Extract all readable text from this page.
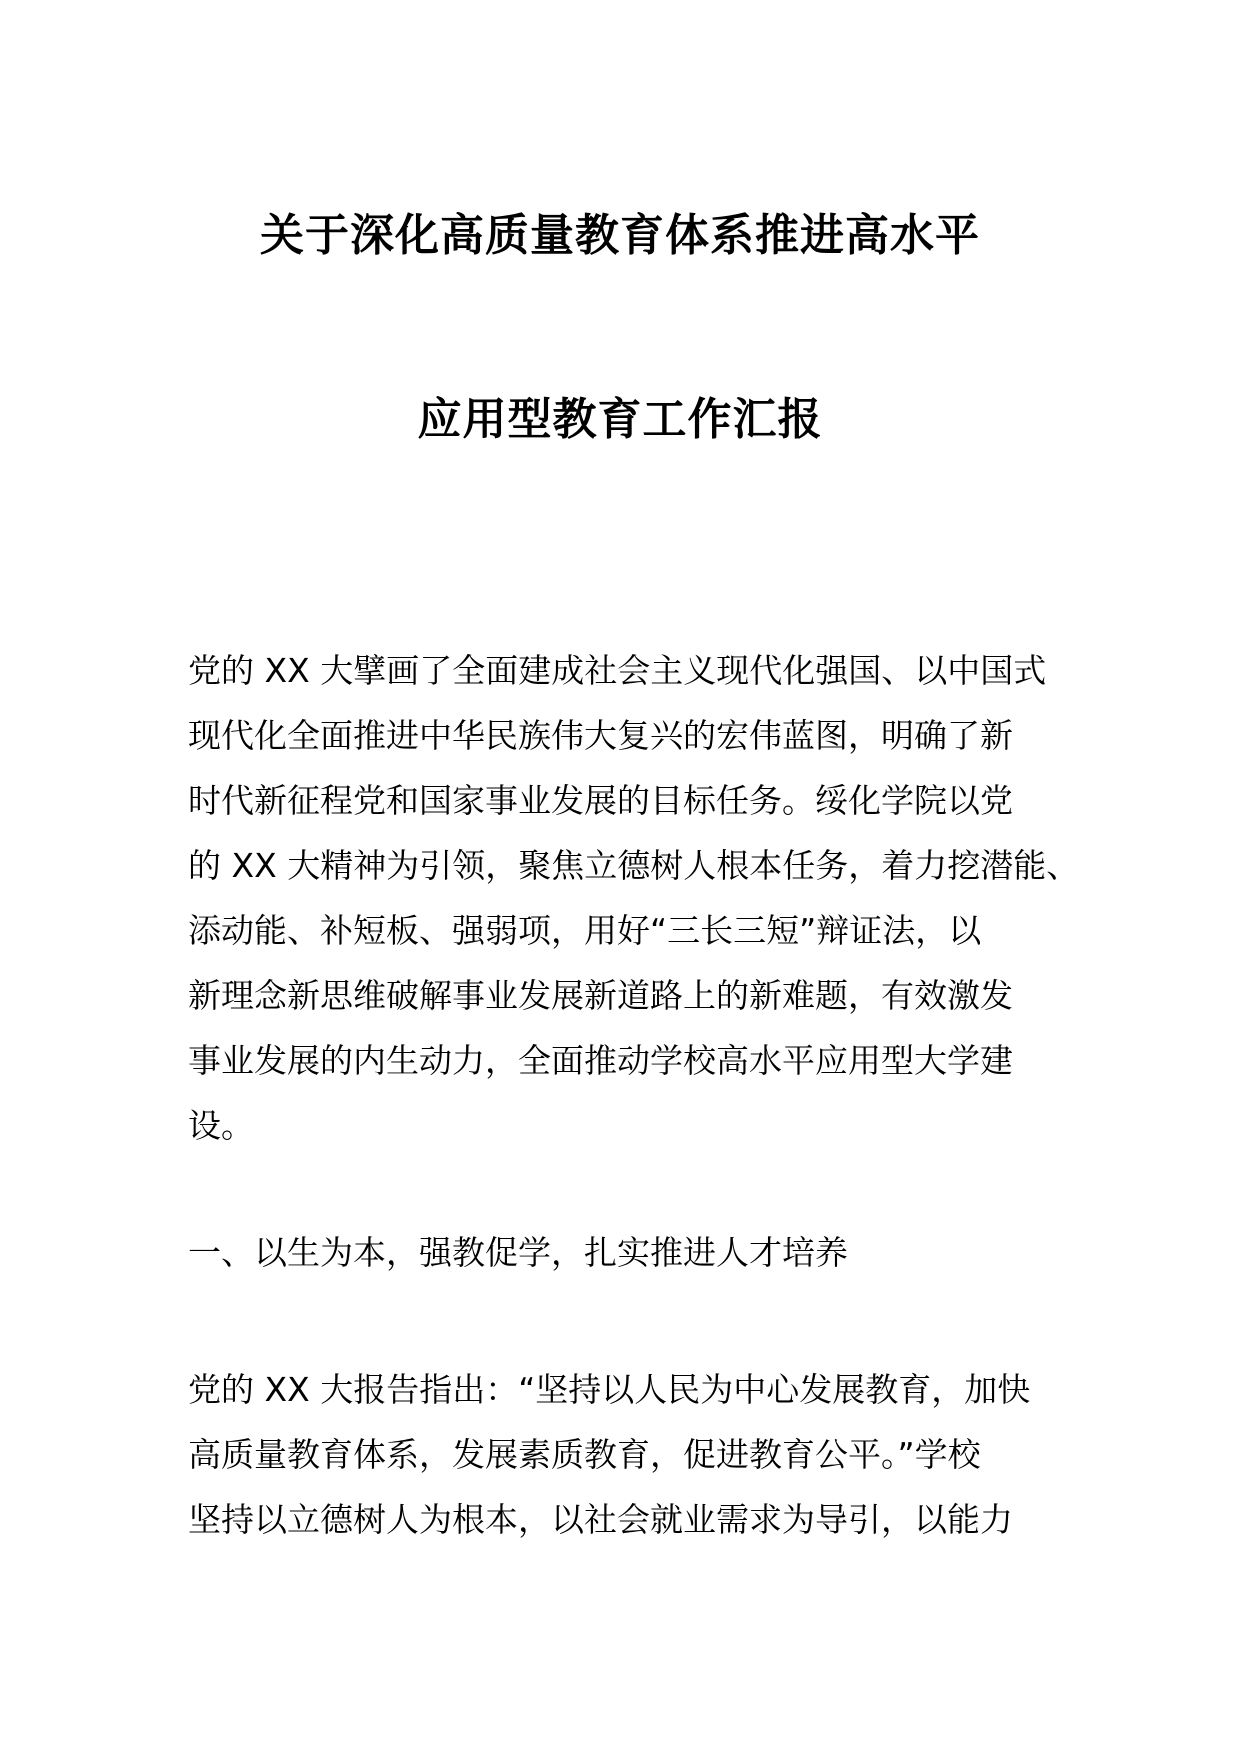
关于深化高质量教育体系推进高水平
应用型教育工作汇报
党的 XX 大擘画了全面建成社会主义现代化强国、以中国式
现代化全面推进中华民族伟大复兴的宏伟蓝图，明确了新
时代新征程党和国家事业发展的目标任务。绥化学院以党
的 XX 大精神为引领，聚焦立德树人根本任务，着力挖潜能、
添动能、补短板、强弱项，用好“三长三短”辩证法，以
新理念新思维破解事业发展新道路上的新难题，有效激发
事业发展的内生动力，全面推动学校高水平应用型大学建
设。
一、以生为本，强教促学，扎实推进人才培养
党的 XX 大报告指出：“坚持以人民为中心发展教育，加快
高质量教育体系，发展素质教育，促进教育公平。”学校
坚持以立德树人为根本，以社会就业需求为导引，以能力
